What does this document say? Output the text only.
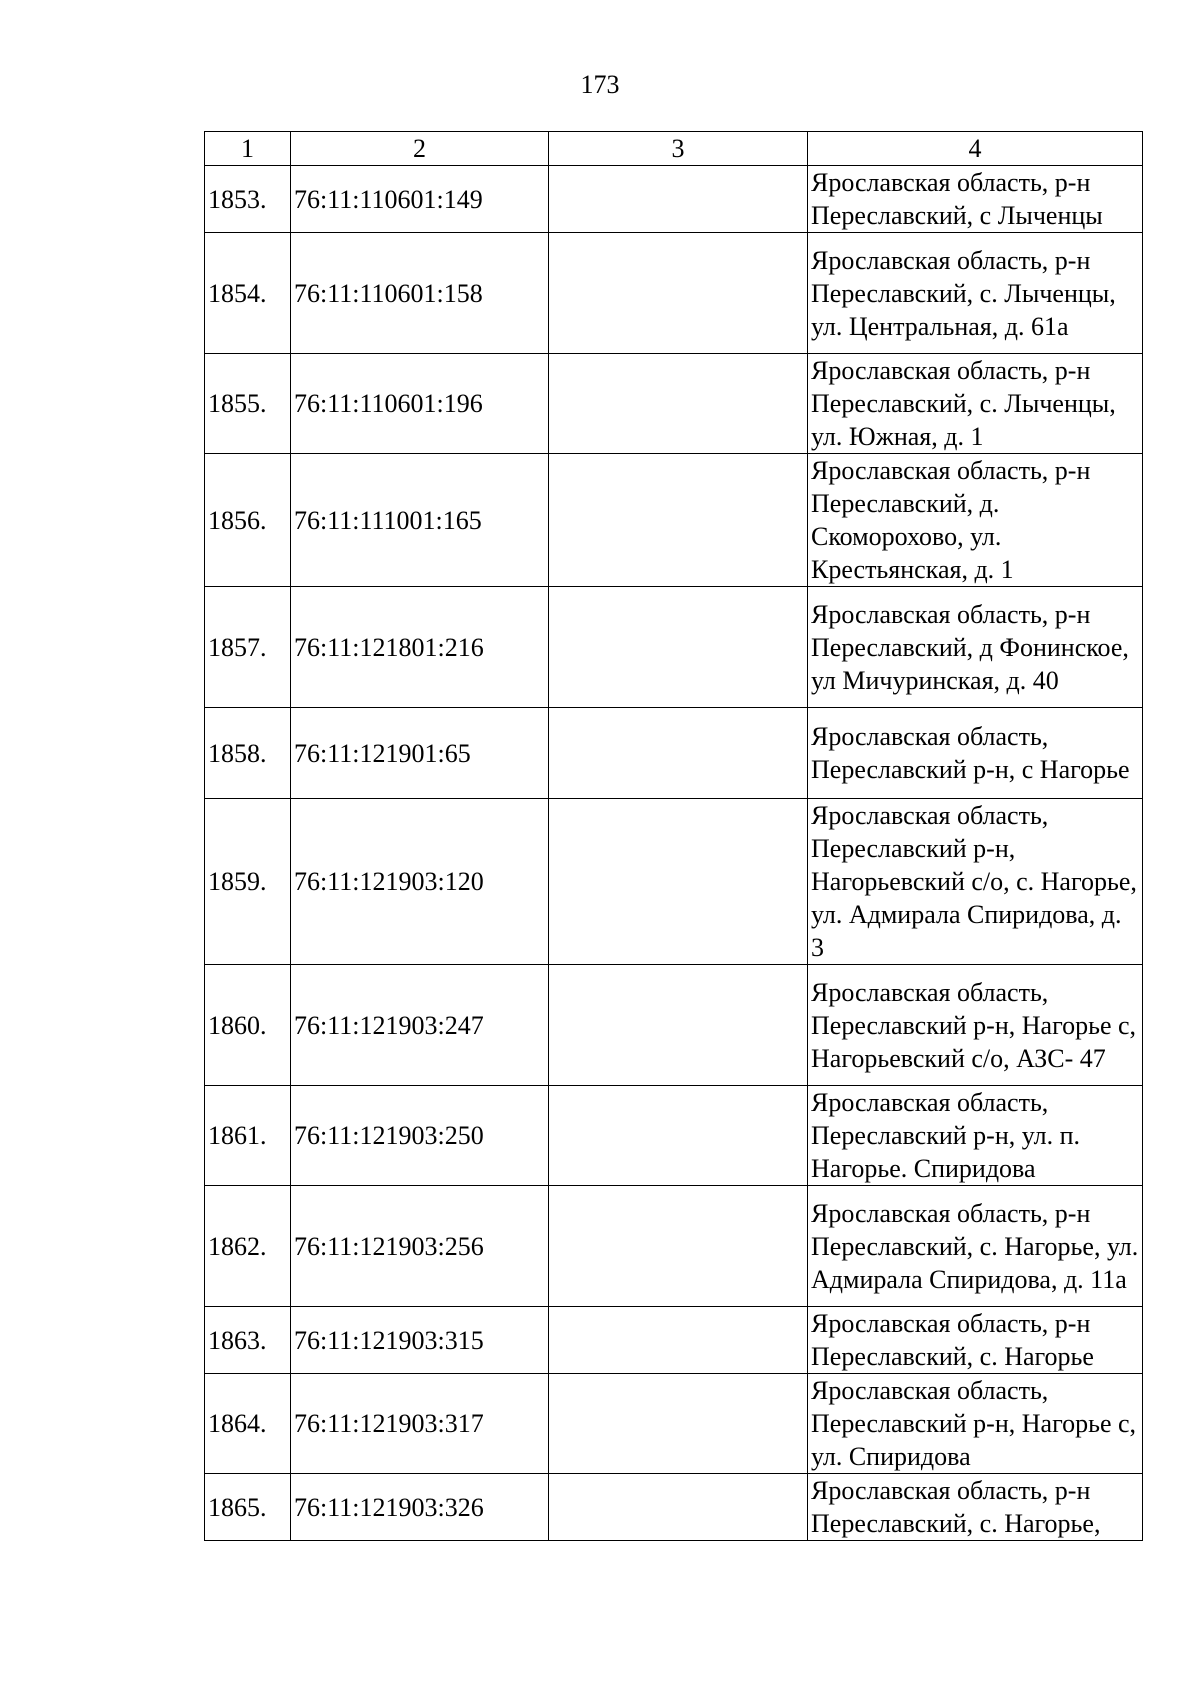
173
1	2	3	4
1853.	76:11:110601:149		Ярославская область, р-н Переславский, с Лыченцы
1854.	76:11:110601:158		Ярославская область, р-н Переславский, с. Лыченцы, ул. Центральная, д. 61а
1855.	76:11:110601:196		Ярославская область, р-н Переславский, с. Лыченцы, ул. Южная, д. 1
1856.	76:11:111001:165		Ярославская область, р-н Переславский, д. Скоморохово, ул. Крестьянская, д. 1
1857.	76:11:121801:216		Ярославская область, р-н Переславский, д Фонинское, ул Мичуринская, д. 40
1858.	76:11:121901:65		Ярославская область, Переславский р-н, с Нагорье
1859.	76:11:121903:120		Ярославская область, Переславский р-н, Нагорьевский с/о, с. Нагорье, ул. Адмирала Спиридова, д. 3
1860.	76:11:121903:247		Ярославская область, Переславский р-н, Нагорье с, Нагорьевский с/о, АЗС- 47
1861.	76:11:121903:250		Ярославская область, Переславский р-н, ул. п. Нагорье. Спиридова
1862.	76:11:121903:256		Ярославская область, р-н Переславский, с. Нагорье, ул. Адмирала Спиридова, д. 11а
1863.	76:11:121903:315		Ярославская область, р-н Переславский, с. Нагорье
1864.	76:11:121903:317		Ярославская область, Переславский р-н, Нагорье с, ул. Спиридова
1865.	76:11:121903:326		Ярославская область, р-н Переславский, с. Нагорье,
